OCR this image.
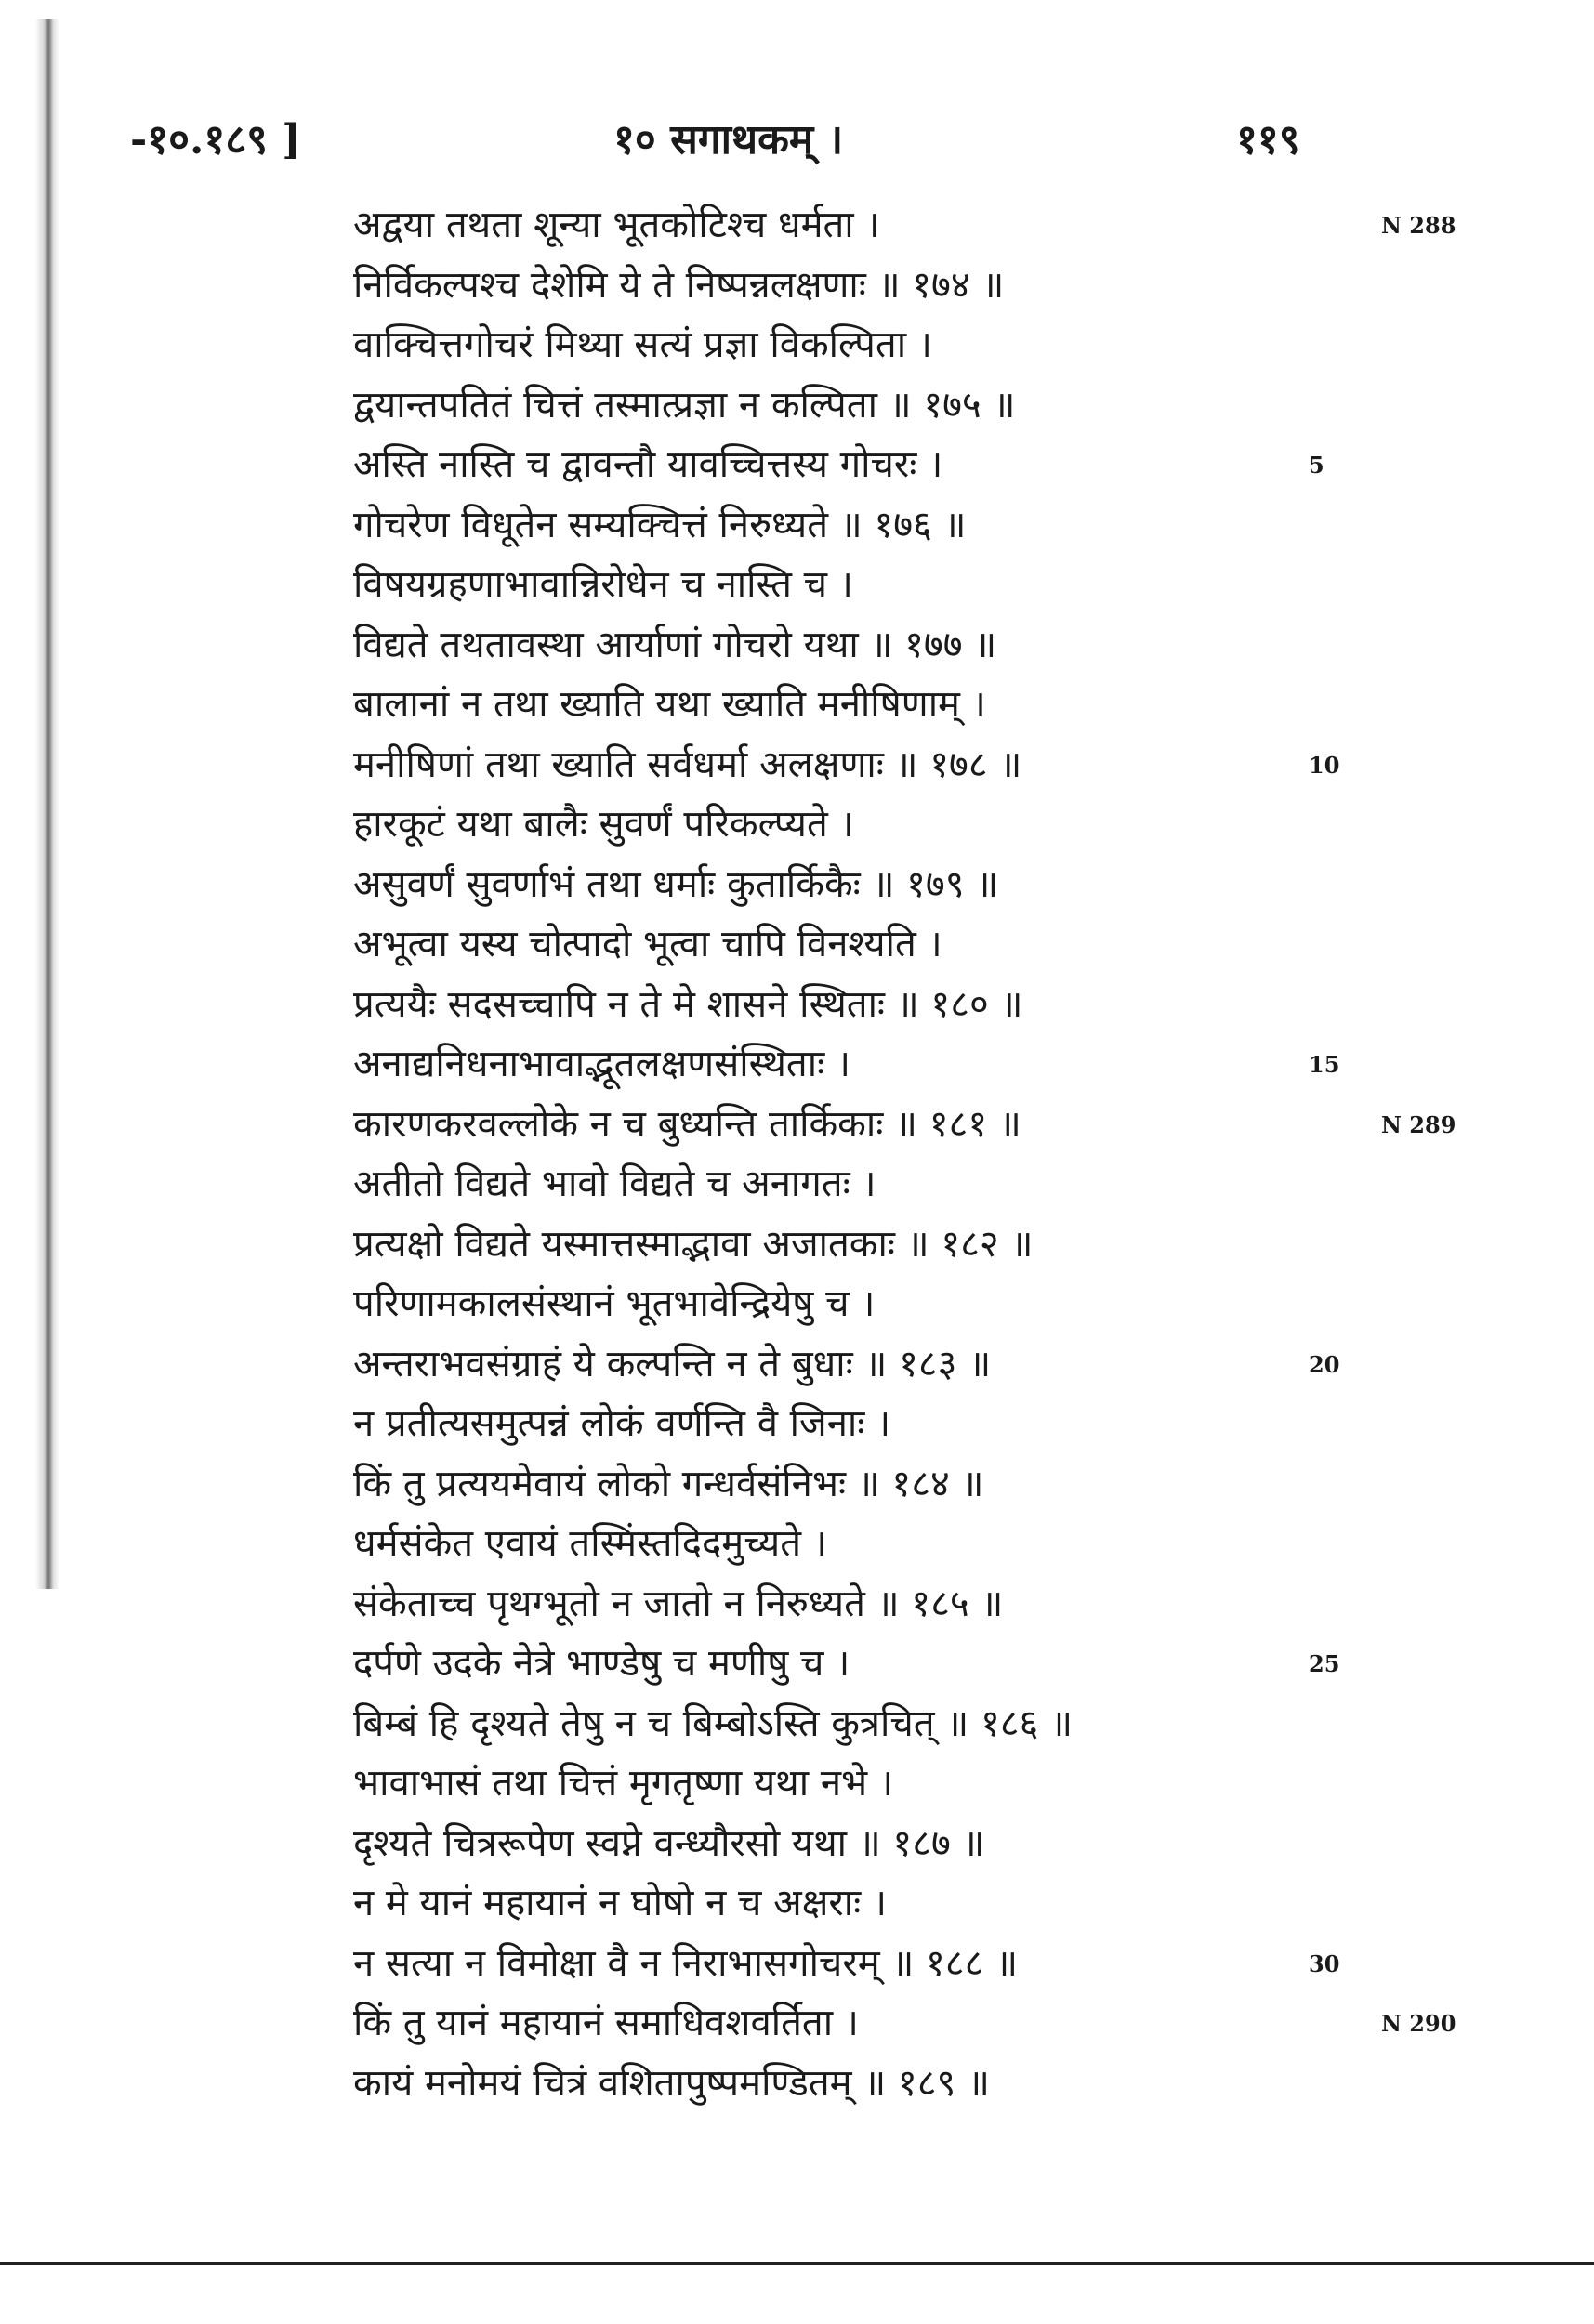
-१०.१८९ ]	१० सगाथकम् ।	११९
अद्वया तथता शून्या भूतकोटिश्च धर्मता ।
निर्विकल्पश्च देशेमि ये ते निष्पन्नलक्षणाः ॥ १७४ ॥
वाक्चित्तगोचरं मिथ्या सत्यं प्रज्ञा विकल्पिता ।
द्वयान्तपतितं चित्तं तस्मात्प्रज्ञा न कल्पिता ॥ १७५ ॥
अस्ति नास्ति च द्वावन्तौ यावच्चित्तस्य गोचरः ।
गोचरेण विधूतेन सम्यक्चित्तं निरुध्यते ॥ १७६ ॥
विषयग्रहणाभावान्निरोधेन च नास्ति च ।
विद्यते तथतावस्था आर्याणां गोचरो यथा ॥ १७७ ॥
बालानां न तथा ख्याति यथा ख्याति मनीषिणाम् ।
मनीषिणां तथा ख्याति सर्वधर्मा अलक्षणाः ॥ १७८ ॥
हारकूटं यथा बालैः सुवर्णं परिकल्प्यते ।
असुवर्णं सुवर्णाभं तथा धर्माः कुतार्किकैः ॥ १७९ ॥
अभूत्वा यस्य चोत्पादो भूत्वा चापि विनश्यति ।
प्रत्ययैः सदसच्चापि न ते मे शासने स्थिताः ॥ १८० ॥
अनाद्यनिधनाभावाद्भूतलक्षणसंस्थिताः ।
कारणकरवल्लोके न च बुध्यन्ति तार्किकाः ॥ १८१ ॥
अतीतो विद्यते भावो विद्यते च अनागतः ।
प्रत्यक्षो विद्यते यस्मात्तस्माद्भावा अजातकाः ॥ १८२ ॥
परिणामकालसंस्थानं भूतभावेन्द्रियेषु च ।
अन्तराभवसंग्राहं ये कल्पन्ति न ते बुधाः ॥ १८३ ॥
न प्रतीत्यसमुत्पन्नं लोकं वर्णन्ति वै जिनाः ।
किं तु प्रत्ययमेवायं लोको गन्धर्वसंनिभः ॥ १८४ ॥
धर्मसंकेत एवायं तस्मिंस्तदिदमुच्यते ।
संकेताच्च पृथग्भूतो न जातो न निरुध्यते ॥ १८५ ॥
दर्पणे उदके नेत्रे भाण्डेषु च मणीषु च ।
बिम्बं हि दृश्यते तेषु न च बिम्बोऽस्ति कुत्रचित् ॥ १८६ ॥
भावाभासं तथा चित्तं मृगतृष्णा यथा नभे ।
दृश्यते चित्ररूपेण स्वप्ने वन्ध्यौरसो यथा ॥ १८७ ॥
न मे यानं महायानं न घोषो न च अक्षराः ।
न सत्या न विमोक्षा वै न निराभासगोचरम् ॥ १८८ ॥
किं तु यानं महायानं समाधिवशवर्तिता ।
कायं मनोमयं चित्रं वशितापुष्पमण्डितम् ॥ १८९ ॥
5
10
15
20
25
30
N 288
N 289
N 290
